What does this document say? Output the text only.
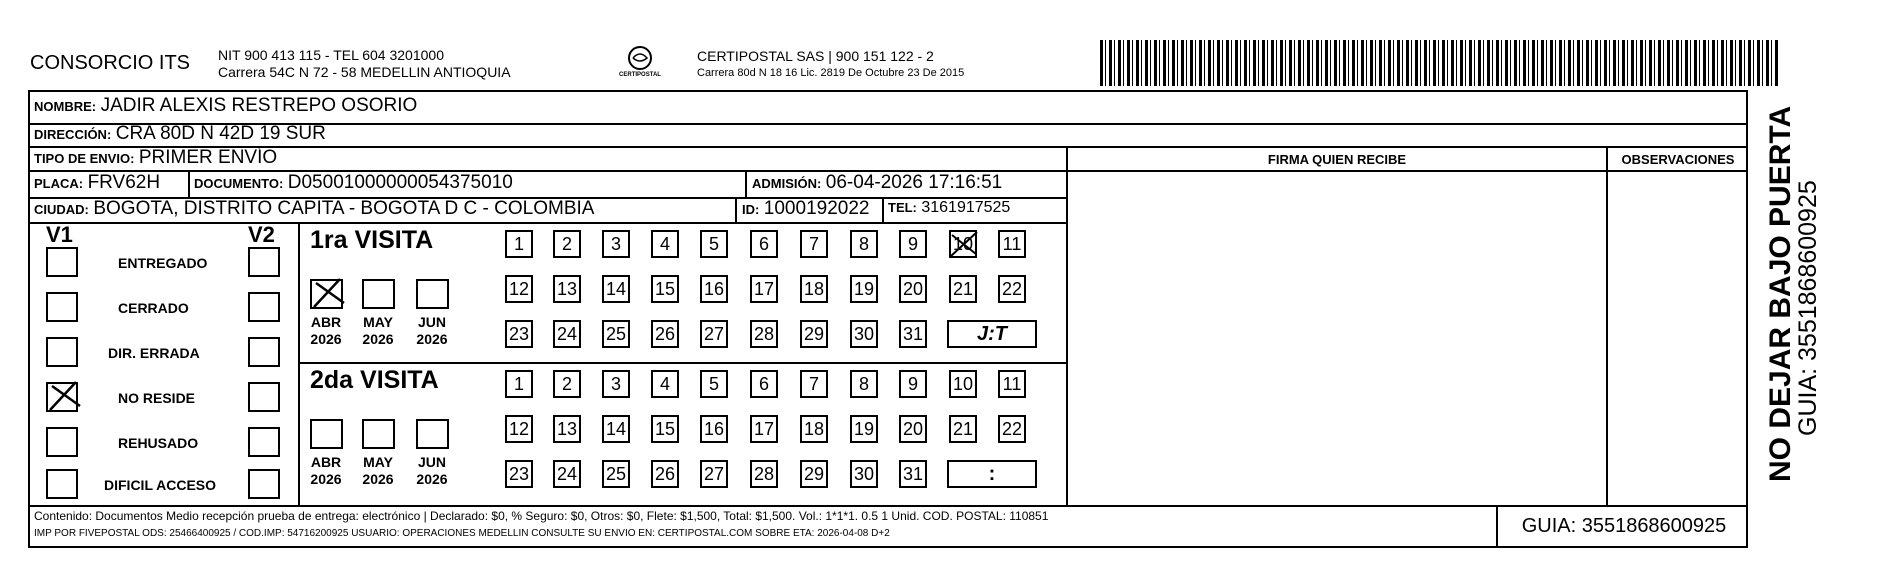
CONSORCIO ITS NIT 900 413 115 - TEL 604 3201000
Carrera 54C N 72 - 58 MEDELLIN ANTIOQUIA	CERTIPOSTAL
CERTIPOSTAL SAS | 900 151 122 - 2
Carrera 80d N 18 16 Lic. 2819 De Octubre 23 De 2015
NOMBRE: JADIR ALEXIS RESTREPO OSORIO
DIRECCIÓN: CRA 80D N 42D 19 SUR
TIPO DE ENVIO: PRIMER ENVÍO
PLACA: FRV62H	DOCUMENTO: D05001000000054375010	ADMISIÓN: 06-04-2026 17:16:51
CIUDAD: BOGOTA, DISTRITO CAPITA - BOGOTA D C - COLOMBIA	ID: 1000192022 TEL: 3161917525
FIRMA QUIEN RECIBE	OBSERVACIONES
V1	V2
ENTREGADO
CERRADO
DIR. ERRADA
NO RESIDE
REHUSADO
DIFICIL ACCESO
1ra VISITA
ABR
2026
MAY
2026
JUN
2026
1	2	3	4	5	6	7	8	9	10 11
12 13 14 15 16 17 18 19 20 21 22
23 24 25 26 27 28 29 30 31	J:T
2da VISITA
ABR
2026
MAY
2026
JUN
2026
1	2	3	4	5	6	7	8	9	10 11
12 13 14 15 16 17 18 19 20 21 22
23 24 25 26 27 28 29 30 31	:
Contenido: Documentos Medio recepción prueba de entrega: electrónico | Declarado: $0, % Seguro: $0, Otros: $0, Flete: $1,500, Total: $1,500. Vol.: 1*1*1. 0.5 1 Unid. COD. POSTAL: 110851
IMP POR FIVEPOSTAL ODS: 25466400925 / COD.IMP: 54716200925 USUARIO: OPERACIONES MEDELLIN CONSULTE SU ENVIO EN: CERTIPOSTAL.COM SOBRE ETA: 2026-04-08 D+2	GUIA: 3551868600925
NO DEJAR BAJO PUERTA
GUIA: 3551868600925
